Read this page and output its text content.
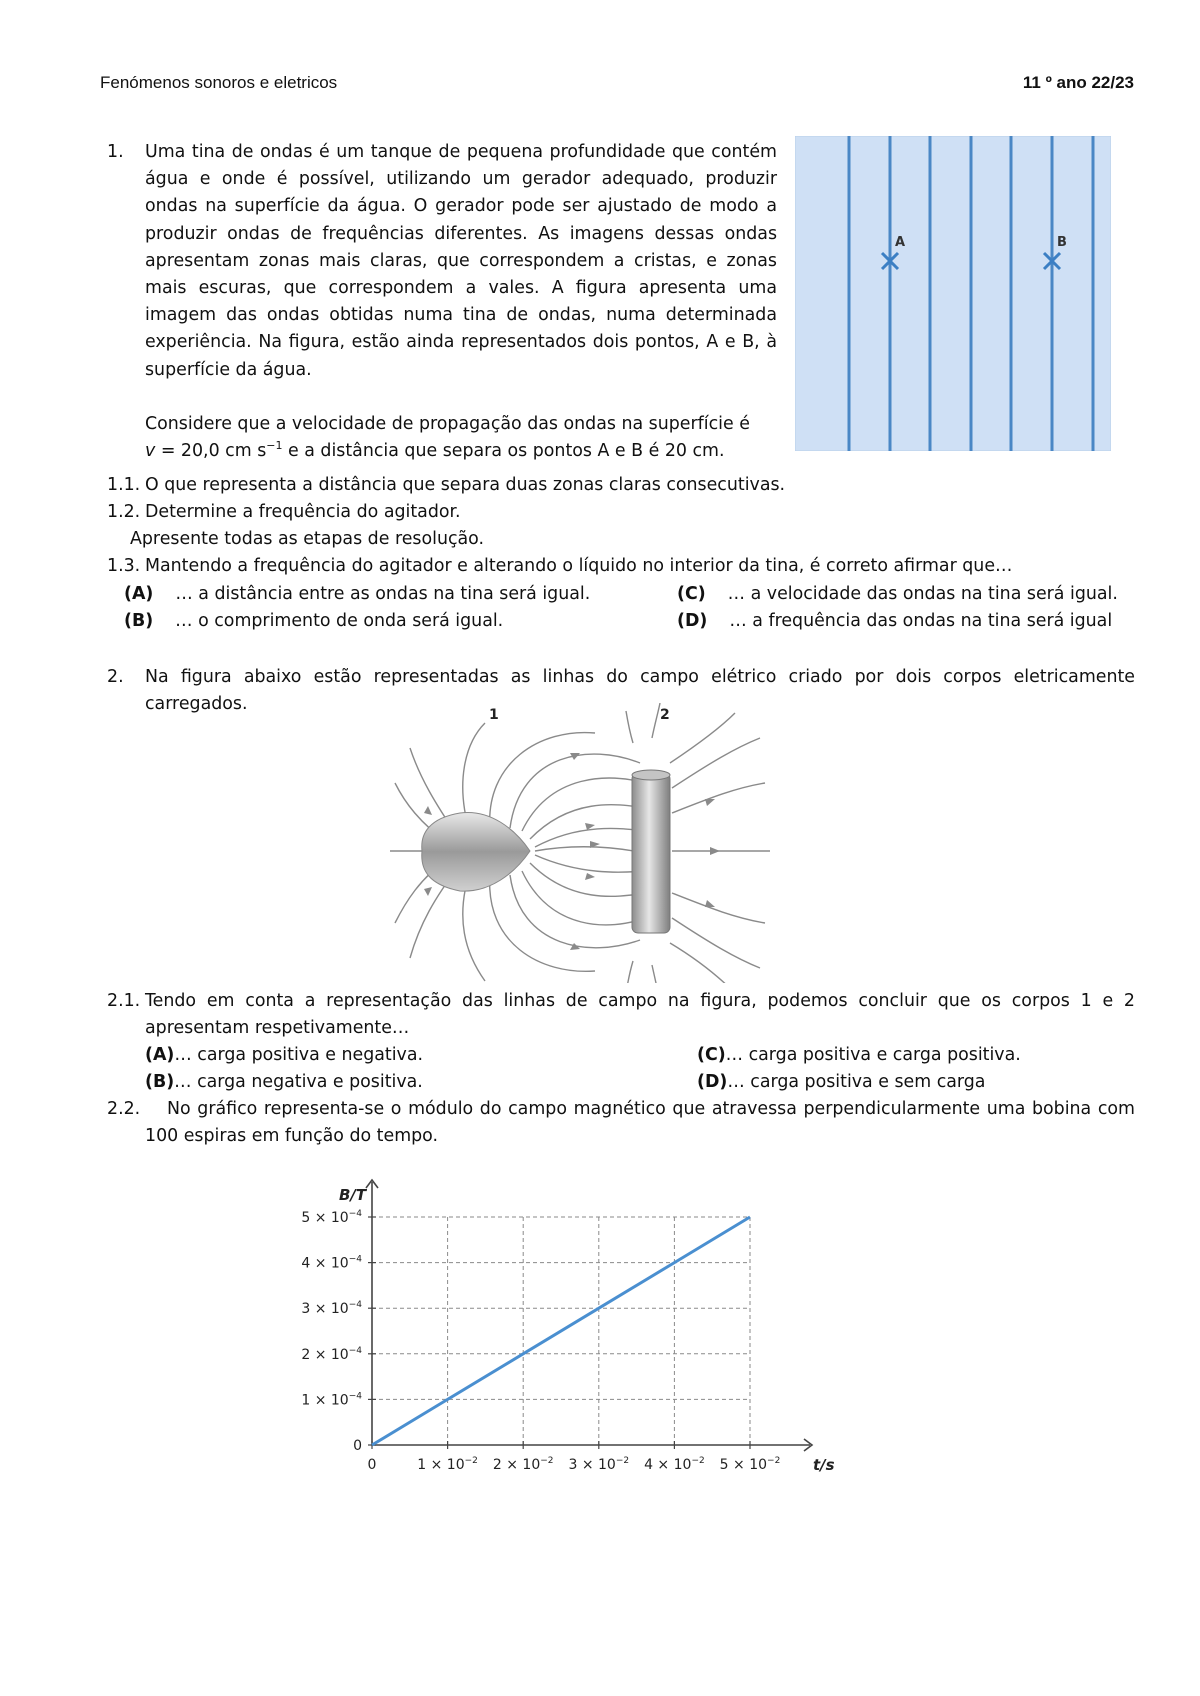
Fenómenos sonoros e eletricos	11 º ano 22/23
1. Uma tina de ondas é um tanque de pequena profundidade que contém água e onde é possível, utilizando um gerador adequado, produzir ondas na superfície da água. O gerador pode ser ajustado de modo a produzir ondas de frequências diferentes. As imagens dessas ondas apresentam zonas mais claras, que correspondem a cristas, e zonas mais escuras, que correspondem a vales. A figura apresenta uma imagem das ondas obtidas numa tina de ondas, numa determinada experiência. Na figura, estão ainda representados dois pontos, A e B, à superfície da água.
Considere que a velocidade de propagação das ondas na superfície é
v = 20,0 cm $s^{-1}$ e a distância que separa os pontos A e B é 20 cm.
A	B
1.1. O que representa a distância que separa duas zonas claras consecutivas.
1.2. Determine a frequência do agitador.
Apresente todas as etapas de resolução.
1.3. Mantendo a frequência do agitador e alterando o líquido no interior da tina, é correto afirmar que…
(A) … a distância entre as ondas na tina será igual.
(B) … o comprimento de onda será igual.
(C) … a velocidade das ondas na tina será igual.
(D) … a frequência das ondas na tina será igual
2. Na figura abaixo estão representadas as linhas do campo elétrico criado por dois corpos eletricamente carregados.
1	2
2.1. Tendo em conta a representação das linhas de campo na figura, podemos concluir que os corpos 1 e 2 apresentam respetivamente…
(A)… carga positiva e negativa.
(B)… carga negativa e positiva.
(C)… carga positiva e carga positiva.
(D)… carga positiva e sem carga
2.2.	No gráfico representa-se o módulo do campo magnético que atravessa perpendicularmente uma bobina com 100 espiras em função do tempo.
0
$1 \times 10^{-4}$
$2 \times 10^{-4}$
$3 \times 10^{-4}$
$4 \times 10^{-4}$
$5 \times 10^{-4}$
0	$1 \times 10^{-2}$ $2 \times 10^{-2}$ $3 \times 10^{-2}$ $4 \times 10^{-2}$ $5 \times 10^{-2}$
B/T
t/s
